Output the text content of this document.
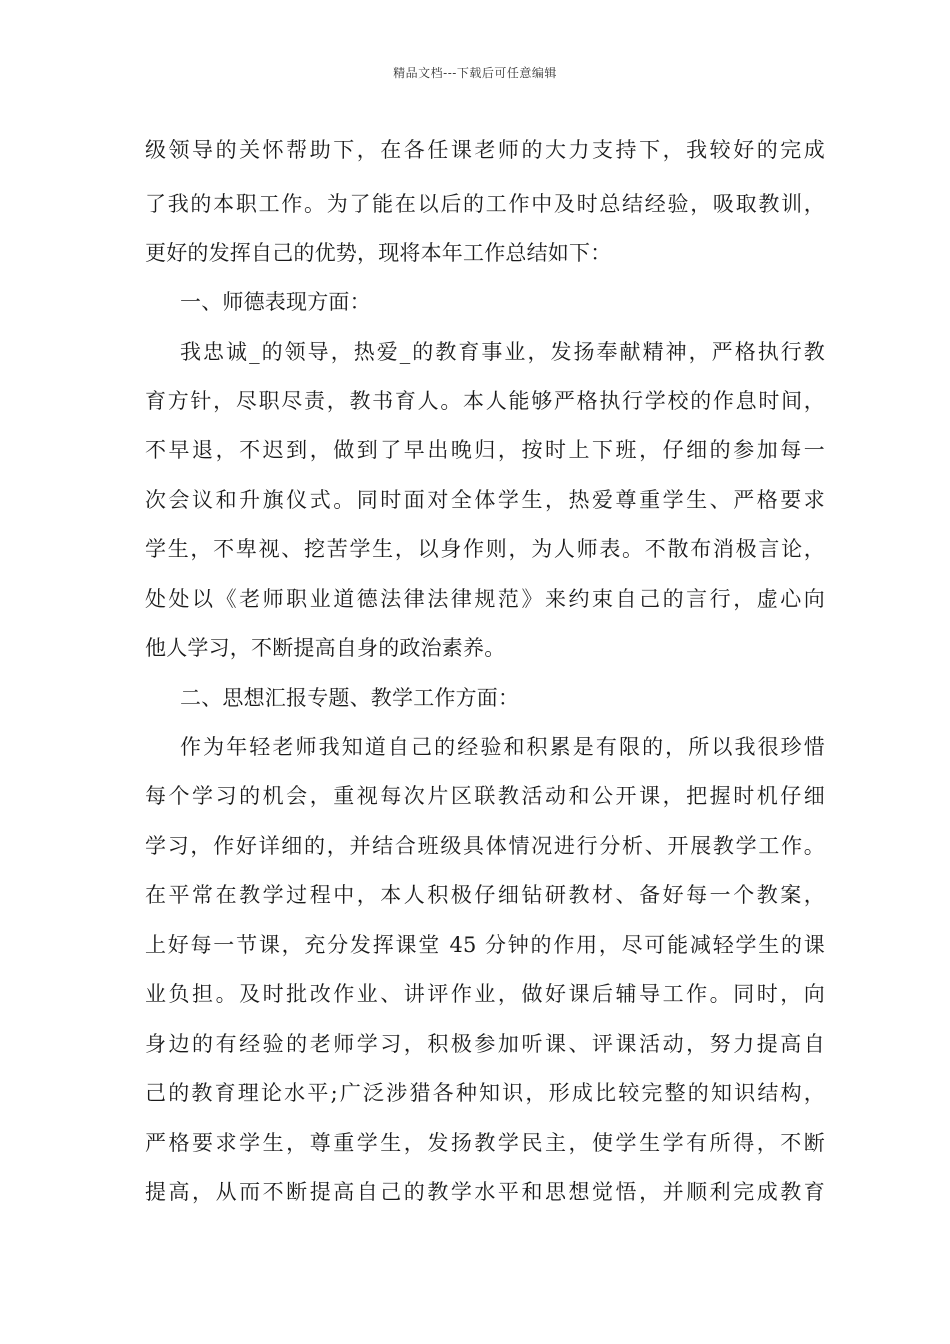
精品文档---下载后可任意编辑
级领导的关怀帮助下，在各任课老师的大力支持下，我较好的完成
了我的本职工作。为了能在以后的工作中及时总结经验，吸取教训，
更好的发挥自己的优势，现将本年工作总结如下：
一、师德表现方面：
我忠诚_的领导，热爱_的教育事业，发扬奉献精神，严格执行教
育方针，尽职尽责，教书育人。本人能够严格执行学校的作息时间，
不早退，不迟到，做到了早出晚归，按时上下班，仔细的参加每一
次会议和升旗仪式。同时面对全体学生，热爱尊重学生、严格要求
学生，不卑视、挖苦学生，以身作则，为人师表。不散布消极言论，
处处以《老师职业道德法律法律规范》来约束自己的言行，虚心向
他人学习，不断提高自身的政治素养。
二、思想汇报专题、教学工作方面：
作为年轻老师我知道自己的经验和积累是有限的，所以我很珍惜
每个学习的机会，重视每次片区联教活动和公开课，把握时机仔细
学习，作好详细的，并结合班级具体情况进行分析、开展教学工作。
在平常在教学过程中，本人积极仔细钻研教材、备好每一个教案，
上好每一节课，充分发挥课堂 45 分钟的作用，尽可能减轻学生的课
业负担。及时批改作业、讲评作业，做好课后辅导工作。同时，向
身边的有经验的老师学习，积极参加听课、评课活动，努力提高自
己的教育理论水平;广泛涉猎各种知识，形成比较完整的知识结构，
严格要求学生，尊重学生，发扬教学民主，使学生学有所得，不断
提高，从而不断提高自己的教学水平和思想觉悟，并顺利完成教育
